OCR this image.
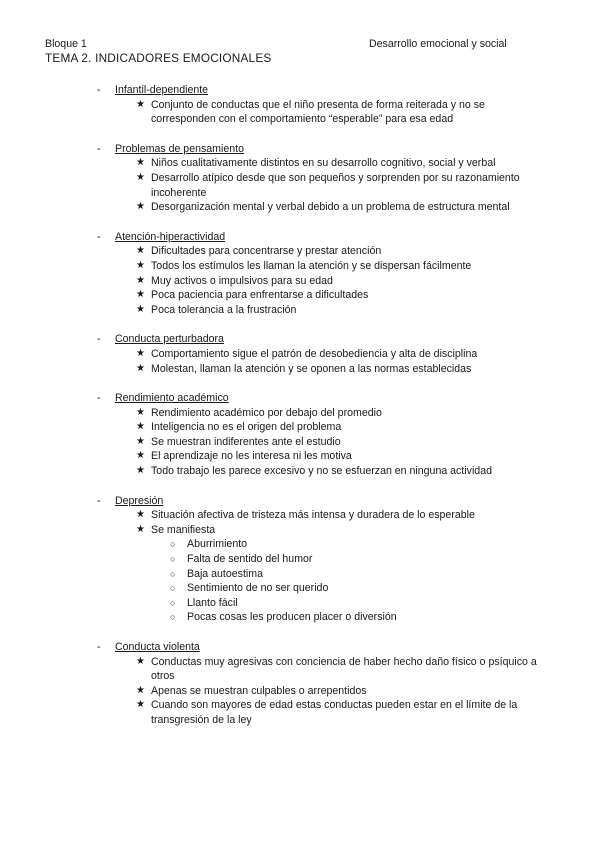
Bloque 1	Desarrollo emocional y social
TEMA 2. INDICADORES EMOCIONALES
- Infantil-dependiente
★ Conjunto de conductas que el niño presenta de forma reiterada y no se corresponden con el comportamiento “esperable” para esa edad
- Problemas de pensamiento
★ Niños cualitativamente distintos en su desarrollo cognitivo, social y verbal
★ Desarrollo atípico desde que son pequeños y sorprenden por su razonamiento incoherente
★ Desorganización mental y verbal debido a un problema de estructura mental
- Atención-hiperactividad
★ Dificultades para concentrarse y prestar atención
★ Todos los estímulos les llaman la atención y se dispersan fácilmente
★ Muy activos o impulsivos para su edad
★ Poca paciencia para enfrentarse a dificultades
★ Poca tolerancia a la frustración
- Conducta perturbadora
★ Comportamiento sigue el patrón de desobediencia y alta de disciplina
★ Molestan, llaman la atención y se oponen a las normas establecidas
- Rendimiento académico
★ Rendimiento académico por debajo del promedio
★ Inteligencia no es el origen del problema
★ Se muestran indiferentes ante el estudio
★ El aprendizaje no les interesa ni les motiva
★ Todo trabajo les parece excesivo y no se esfuerzan en ninguna actividad
- Depresión
★ Situación afectiva de tristeza más intensa y duradera de lo esperable
★ Se manifiesta
○ Aburrimiento
○ Falta de sentido del humor
○ Baja autoestima
○ Sentimiento de no ser querido
○ Llanto fácil
○ Pocas cosas les producen placer o diversión
- Conducta violenta
★ Conductas muy agresivas con conciencia de haber hecho daño físico o psíquico a otros
★ Apenas se muestran culpables o arrepentidos
★ Cuando son mayores de edad estas conductas pueden estar en el límite de la transgresión de la ley
